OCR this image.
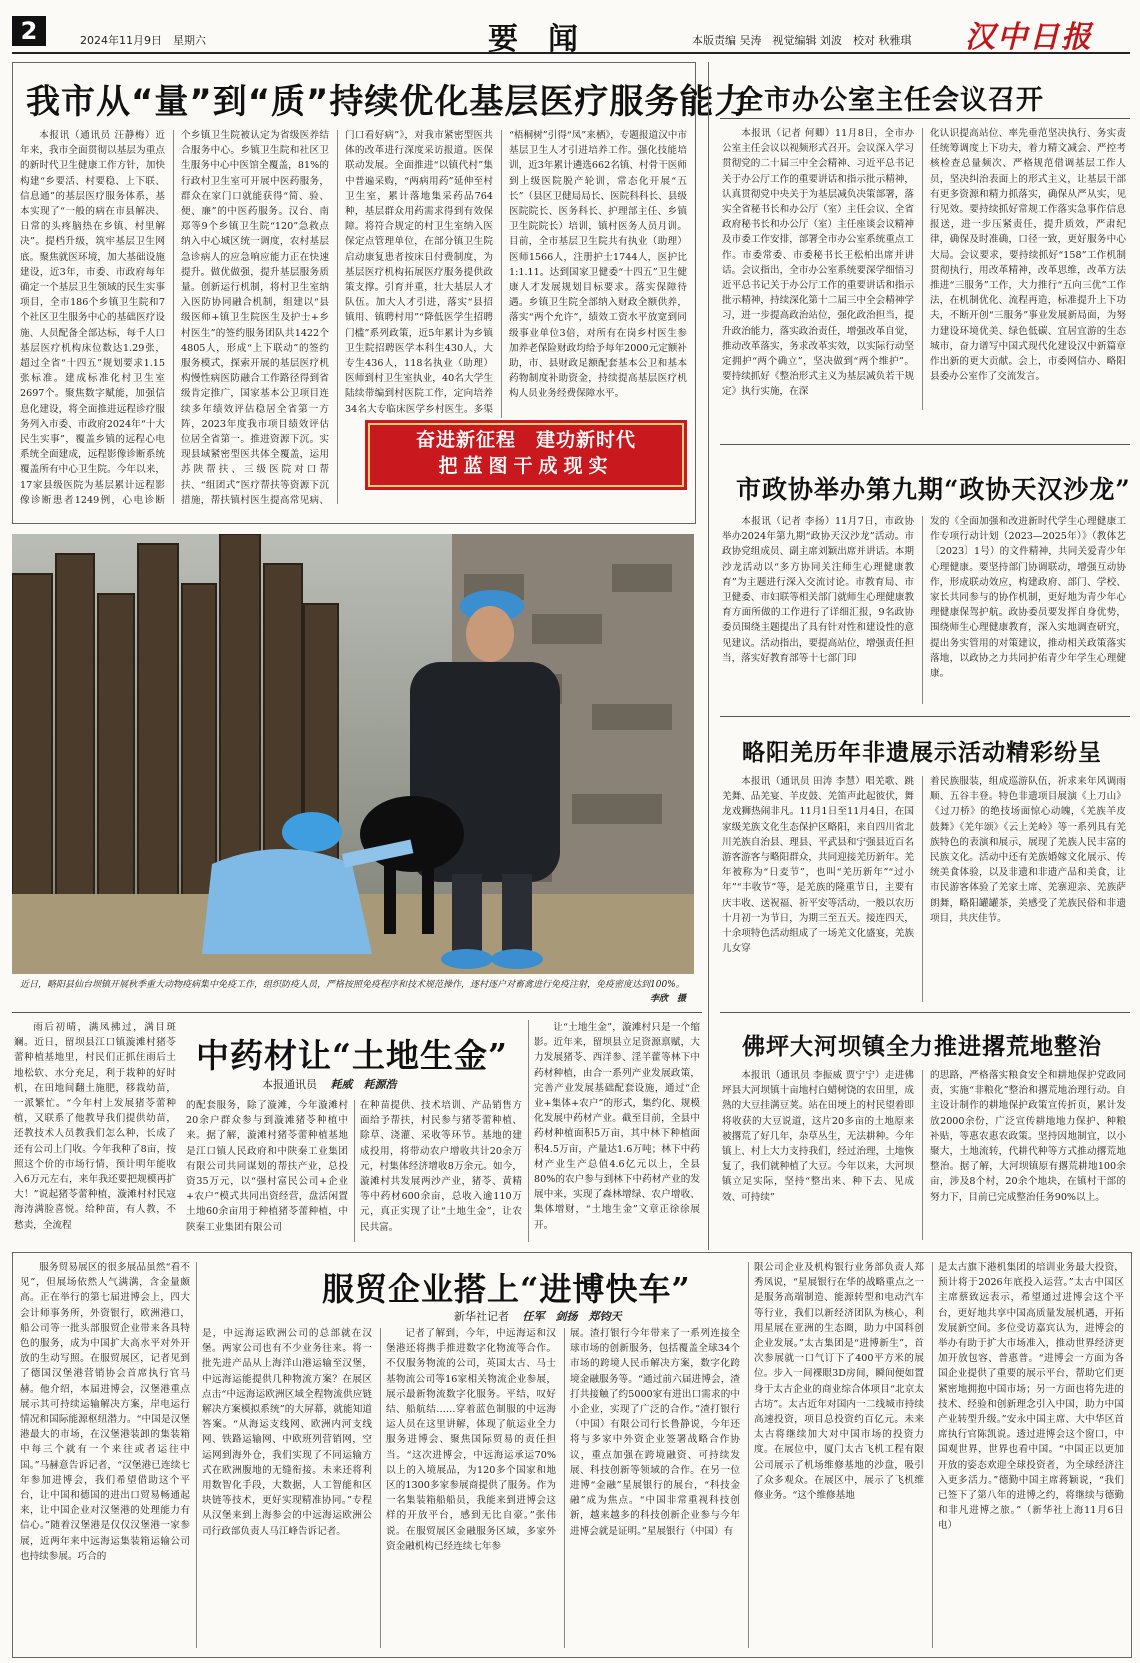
2	2024年11月9日　星期六	要　闻	本版责编 吴涛　视觉编辑 刘波　校对 秋雅琪 汉中日报
我市从“量”到“质”持续优化基层医疗服务能力

本报讯（通讯员 汪静梅）近年来，我市全面贯彻以基层为重点的新时代卫生健康工作方针，加快构建“乡要活、村要稳、上下联、信息通”的基层医疗服务体系，基本实现了“一般的病在市县解决、日常的头疼脑热在乡镇、村里解决”。提档升级，筑牢基层卫生网底。聚焦就医环境，加大基础设施建设，近3年，市委、市政府每年确定一个基层卫生领域的民生实事项目，全市186个乡镇卫生院和7个社区卫生服务中心的基础医疗设施、人员配备全部达标，每千人口基层医疗机构床位数达1.29张，超过全省“十四五”规划要求1.15张标准。建成标准化村卫生室2697个。聚焦数字赋能，加强信息化建设，将全面推进远程诊疗服务列入市委、市政府2024年“十大民生实事”，覆盖乡镇的远程心电系统全面建成，远程影像诊断系统覆盖所有中心卫生院。今年以来，17家县级医院为基层累计远程影像诊断患者1249例，心电诊断

个乡镇卫生院被认定为省级医养结合服务中心。乡镇卫生院和社区卫生服务中心中医馆全覆盖，81%的行政村卫生室可开展中医药服务，群众在家门口就能获得“简、验、便、廉”的中医药服务。汉台、南郑等9个乡镇卫生院“120”急救点纳入中心城区统一调度，农村基层急诊病人的应急响应能力正在快速提升。做优做强，提升基层服务质量。创新运行机制，将村卫生室纳入医防协同融合机制，组建以“县级医师+镇卫生院医生及护士+乡村医生”的签约服务团队共1422个4805人，形成“上下联动”的签约服务模式，探索开展的基层医疗机构慢性病医防融合工作路径得到省级肯定推广，国家基本公卫项目连续多年绩效评估稳居全省第一方阵，2023年度我市项目绩效评估位居全省第一。推进资源下沉。实现县域紧密型医共体全覆盖，运用苏陕帮扶、三级医院对口帮扶、“组团式”医疗帮扶等资源下沉措施，帮扶镇村医生提高常见病、

门口看好病”》，对我市紧密型医共体的改革进行深度采访报道。医保联动发展。全面推进“以镇代村”集中普遍采购，“两病用药”延伸至村卫生室，累计落地集采药品764种，基层群众用药需求得到有效保障。将符合规定的村卫生室纳入医保定点管理单位，在部分镇卫生院启动康复患者按床日付费制度，为基层医疗机构拓展医疗服务提供政策支撑。引育并重，壮大基层人才队伍。加大人才引进，落实“县招镇用、镇聘村用”“降低医学生招聘门槛”系列政策，近5年累计为乡镇卫生院招聘医学本科生430人，大专生436人，118名执业（助理）医师到村卫生室执业，40名大学生陆续带编到村医院工作，定向培养34名大专临床医学乡村医生。多渠

“梧桐树”引得“凤”来栖》，专题报道汉中市基层卫生人才引进培养工作。强化技能培训，近3年累计遴选662名镇、村骨干医师到上级医院脱产轮训，常态化开展“五长”（县区卫健局局长、医院科科长、县级医院院长、医务科长、护理部主任、乡镇卫生院院长）培训，镇村医务人员月训。目前，全市基层卫生院共有执业（助理）医师1566人，注册护士1744人，医护比1:1.11。达到国家卫健委“十四五”卫生健康人才发展规划目标要求。落实保障待遇。乡镇卫生院全部纳入财政全额供养，落实“两个允许”，绩效工资水平放宽到同级事业单位3倍，对所有在岗乡村医生参加养老保险财政均给予每年2000元定额补助，市、县财政足额配套基本公卫和基本药物制度补助资金，持续提高基层医疗机构人员业务经费保障水平。

奋进新征程　建功新时代
把蓝图干成现实
近日，略阳县仙台坝镇开展秋季重大动物疫病集中免疫工作，组织防疫人员，严格按照免疫程序和技术规范操作，逐村逐户对畜禽进行免疫注射，免疫密度达到100%。
李欣　摄
全市办公室主任会议召开

本报讯（记者 何卿）11月8日，全市办公室主任会议以视频形式召开。会议深入学习贯彻党的二十届三中全会精神、习近平总书记关于办公厅工作的重要讲话和指示批示精神，认真贯彻党中央关于为基层减负决策部署，落实全省秘书长和办公厅（室）主任会议、全省政府秘书长和办公厅（室）主任座谈会议精神及市委工作安排，部署全市办公室系统重点工作。市委常委、市委秘书长王松柏出席并讲话。会议指出，全市办公室系统要深学细悟习近平总书记关于办公厅工作的重要讲话和指示批示精神，持续深化第十二届三中全会精神学习，进一步提高政治站位，强化政治担当，提升政治能力，落实政治责任，增强改革自觉，推动改革落实，务求改革实效，以实际行动坚定拥护“两个确立”，坚决做到“两个维护”。要持续抓好《整治形式主义为基层减负若干规定》执行实施，在深

化认识提高站位、率先垂范坚决执行、务实责任统筹调度上下功夫，着力精文减会、严控考核检查总量频次、严格规范借调基层工作人员，坚决纠治表面上的形式主义，让基层干部有更多资源和精力抓落实，确保从严从实，见行见效。要持续抓好常规工作落实急事作信息报送，进一步压紧责任，提升质效，严肃纪律，确保及时准确，口径一致，更好服务中心大局。会议要求，要持续抓好“158”工作机制贯彻执行，用改革精神，改革思维，改革方法推进“三服务”工作，大力推行“五向三优”工作法，在机制优化、流程再造，标准提升上下功夫，不断开创“三服务”事业发展新局面，为努力建设环境优美、绿色低碳、宜居宜游的生态城市，奋力谱写中国式现代化建设汉中新篇章作出新的更大贡献。会上，市委网信办、略阳县委办公室作了交流发言。

市政协举办第九期“政协天汉沙龙”

本报讯（记者 李扬）11月7日，市政协举办2024年第九期“政协天汉沙龙”活动。市政协党组成员、副主席刘颖出席并讲话。本期沙龙活动以“多方协同关注师生心理健康教育”为主题进行深入交流讨论。市教育局、市卫健委、市妇联等相关部门就师生心理健康教育方面所做的工作进行了详细汇报，9名政协委员围绕主题提出了具有针对性和建设性的意见建议。活动指出，要提高站位，增强责任担当，落实好教育部等十七部门印

发的《全面加强和改进新时代学生心理健康工作专项行动计划（2023—2025年）》（教体艺〔2023〕1号）的文件精神，共同关爱青少年心理健康。要坚持部门协调联动，增强互动协作，形成联动效应，构建政府、部门、学校、家长共同参与的协作机制，更好地为青少年心理健康保驾护航。政协委员要发挥自身优势，围绕师生心理健康教育，深入实地调查研究，提出务实管用的对策建议，推动相关政策落实落地，以政协之力共同护佑青少年学生心理健康。

略阳羌历年非遗展示活动精彩纷呈

本报讯（通讯员 田涛 李慧）唱羌歌、跳羌舞、品羌宴、羊皮鼓、羌笛声此起彼伏，舞龙戏狮热闹非凡。11月1日至11月4日，在国家级羌族文化生态保护区略阳，来自四川省北川羌族自治县、理县、平武县和宁强县近百名游客游客与略阳群众，共同迎接羌历新年。羌年被称为“日麦节”，也叫“羌历新年”“过小年”“丰收节”等，是羌族的隆重节日，主要有庆丰收、送祝福、祈平安等活动，一般以农历十月初一为节日，为期三至五天。接连四天，十余项特色活动组成了一场羌文化盛宴，羌族儿女穿

着民族服装，组成巡游队伍，祈求来年风调雨顺、五谷丰登。特色非遗项目展演《上刀山》《过刀桥》的绝技场面惊心动魄，《羌族羊皮鼓舞》《羌年颂》《云上羌岭》等一系列具有羌族特色的表演和展示，展现了羌族人民丰富的民族文化。活动中还有羌族婚嫁文化展示、传统美食体验，以及非遗和非遗产品和美食，让市民游客体验了羌家土席、羌寨迎亲、羌族萨朗舞，略阳罐罐茶，美感受了羌族民俗和非遗项目，共庆佳节。

佛坪大河坝镇全力推进撂荒地整治

本报讯（通讯员 李振威 贾宁宁）走进佛坪县大河坝镇十亩地村白蜡树饶的农田里，成熟的大豆挂满豆荚。站在田埂上的村民望着即将收获的大豆说道，这片20多亩的土地原来被撂荒了好几年，杂草丛生，无法耕种。今年镇上、村上大力支持我们，经过治理，土地恢复了，我们就种植了大豆。今年以来，大河坝镇立足实际，坚持“整出来、种下去、见成效、可持续”

的思路，严格落实粮食安全和耕地保护党政同责，实施“非粮化”整治和撂荒地治理行动。自主设计制作的耕地保护政策宣传折页，累计发放2000余份，广泛宣传耕地地力保护、种粮补贴，等惠农惠农政策。坚持因地制宜，以小聚大，土地流转，代耕代种等方式推动撂荒地整治。据了解，大河坝镇原有撂荒耕地100余亩，涉及8个村，20余个地块，在镇村干部的努力下，目前已完成整治任务90%以上。

雨后初晴，满凤拂过，满目斑斓。近日，留坝县江口镇漩滩村猪苓蕾种植基地里，村民们正抓住雨后土地松软、水分充足，利于栽种的好时机，在田地间翻土施肥，移栽幼苗，一派繁忙。“今年村上发展猪苓蕾种植，又联系了他教导我们提供幼苗，还教技术人员教我们怎么种，长成了还有公司上门收。今年我种了8亩，按照这个价的市场行情，预计明年能收入6万元左右，来年我还要把规模再扩大！”说起猪苓蕾种植，漩滩村村民寇海涛满脸喜悦。给种苗，有人教，不愁卖，全流程

中药材让“土地生金”
本报通讯员 耗威　耗源浩

的配套服务，除了漩滩，今年漩滩村20余户群众参与到漩滩猪苓种植中来。据了解，漩滩村猪苓蕾种植基地是江口镇人民政府和中陕秦工业集团有限公司共同谋划的帮扶产业，总投资35万元，以“强村富民公司+企业+农户”模式共同出资经营，盘活闲置土地60余亩用于种植猪苓蕾种植，中陕秦工业集团有限公司

在种苗提供、技术培训、产品销售方面给予帮扶，村民参与猪苓蕾种植、除草、浇灌、采收等环节。基地的建成投用，将带动农户增收共计20余万元，村集体经济增收8万余元。如今，漩滩村共发展两沙产业，猪苓、黄精等中药材600余亩，总收入逾110万元，真正实现了让“土地生金”，让农民共富。

让“土地生金”，漩滩村只是一个缩影。近年来，留坝县立足资源禀赋，大力发展猪苓、西洋参、淫羊藿等林下中药材种植，由合一系列产业发展政策，完善产业发展基础配套设施，通过“企业+集体+农户”的形式，集约化、规模化发展中药材产业。截至目前，全县中药材种植面积5万亩，其中林下种植面积4.5万亩，产量达1.6万吨；林下中药材产业生产总值4.6亿元以上，全县80%的农户参与到林下中药材产业的发展中来，实现了森林增绿、农户增收、集体增财，“土地生金”文章正徐徐展开。

服务贸易展区的很多展品虽然“看不见”，但展场依然人气满满，含金量颇高。正在举行的第七届进博会上，四大会计师事务所，外资银行，欧洲港口，船公司等一批头部服贸企业带来各具特色的服务，成为中国扩大高水平对外开放的生动写照。在服贸展区，记者见到了德国汉堡港营销协会首席执行官马赫。他介绍，本届进博会，汉堡港重点展示其可持续运输解决方案，岸电运行情况和国际能源枢纽潜力。“中国是汉堡港最大的市场，在汉堡港装卸的集装箱中每三个就有一个来往或者运往中国。”马赫意告诉记者，“汉堡港已连续七年参加进博会，我们希望借助这个平台，让中国和德国的进出口贸易畅通起来，让中国企业对汉堡港的处理能力有信心。”随着汉堡港是仅仅汉堡港一家参展，近两年来中远海运集装箱运输公司也持续参展。巧合的

服贸企业搭上“进博快车”
新华社记者 任军　剑扬　郑钧天

是，中远海运欧洲公司的总部就在汉堡。两家公司也有不少业务往来。将一批先进产品从上海洋山港运输至汉堡，中远海运能提供几种物流方案？在展区点击“中远海运欧洲区域全程物流供应链解决方案模拟系统”的大屏幕，就能知道答案。“从海运支线网、欧洲内河支线网、铁路运输网、中欧班列营销网，空运网到海外仓，我们实现了不同运输方式在欧洲腹地的无缝衔接。未来还将利用数智化手段，大数据，人工智能和区块链等技术，更好实现精准协同。”专程从汉堡来到上海参会的中远海运欧洲公司行政部负责人马江峰告诉记者。

记者了解到，今年，中远海运和汉堡港还将携手推进数字化物流等合作。不仅服务物流的公司，英国太古、马士基物流公司等16家相关物流企业参展，展示最新物流数字化服务。平结，叹好结、船航结……穿着蓝色制服的中远海运人员在这里讲解，体现了航运业全力服务进博会、聚焦国际贸易的责任担当。“这次进博会，中远海运承运70%以上的入境展品，为120多个国家和地区的1300多家参展商提供了服务。作为一名集装箱船船员，我能来到进博会这样的开放平台，感到无比自豪。”张伟说。在服贸展区金融服务区域，多家外资金融机构已经连续七年参

展。渣打银行今年带来了一系列连接全球市场的创新服务，包括覆盖全球34个市场的跨境人民币解决方案，数字化跨境金融服务等。“通过前六届进博会，渣打共接触了约5000家有进出口需求的中小企业，实现了广泛的合作。”渣打银行（中国）有限公司行长鲁静说，今年还将与多家中外资企业签署战略合作协议，重点加强在跨境融资、可持续发展、科技创新等领域的合作。在另一位进博“金融”星展银行的展台，“科技金融”成为焦点。“中国非常重视科技创新，越来越多的科技创新企业参与今年进博会就是证明。”星展银行（中国）有

限公司企业及机构银行业务部负责人郑秀凤说，“星展银行在华的战略重点之一是服务高端制造、能源转型和电动汽车等行业，我们以新经济团队为核心，利用星展在亚洲的生态圈，助力中国科创企业发展。”太古集团是“进博新生”，首次参展就一口气订下了400平方米的展位。步入一间裸眼3D房间，瞬间便如置身于太古企业的商业综合体项目“北京太古坊”。太古近年对国内一二线城市持续高速投资，项目总投资约百亿元。未来太古将继续加大对中国市场的投资力度。在展位中，厦门太古飞机工程有限公司展示了机场维修基地的沙盘，吸引了众多观众。在展区中，展示了飞机维修业务。“这个维修基地

是太古旗下港机集团的培训业务最大投资，预计将于2026年底投入运营。”太古中国区主席蔡致远表示，希望通过进博会这个平台，更好地共享中国高质量发展机遇，开拓发展新空间。多位受访嘉宾认为，进博会的举办有助于扩大市场准入，推动世界经济更加开放包容、普惠普。“进博会一方面为各国企业提供了重要的展示平台，帮助它们更紧密地拥抱中国市场；另一方面也将先进的技术、经验和创新理念引入中国，助力中国产业转型升级。”安永中国主席、大中华区首席执行官陈凯说。透过进博会这个窗口，中国观世界，世界也看中国。“中国正以更加开放的姿态欢迎全球投资者，为全球经济注入更多活力。”德勤中国主席蒋颖说，“我们已签下了第八年的进博之约，将继续与德勤和非凡进博之旅。”（新华社上海11月6日电）
